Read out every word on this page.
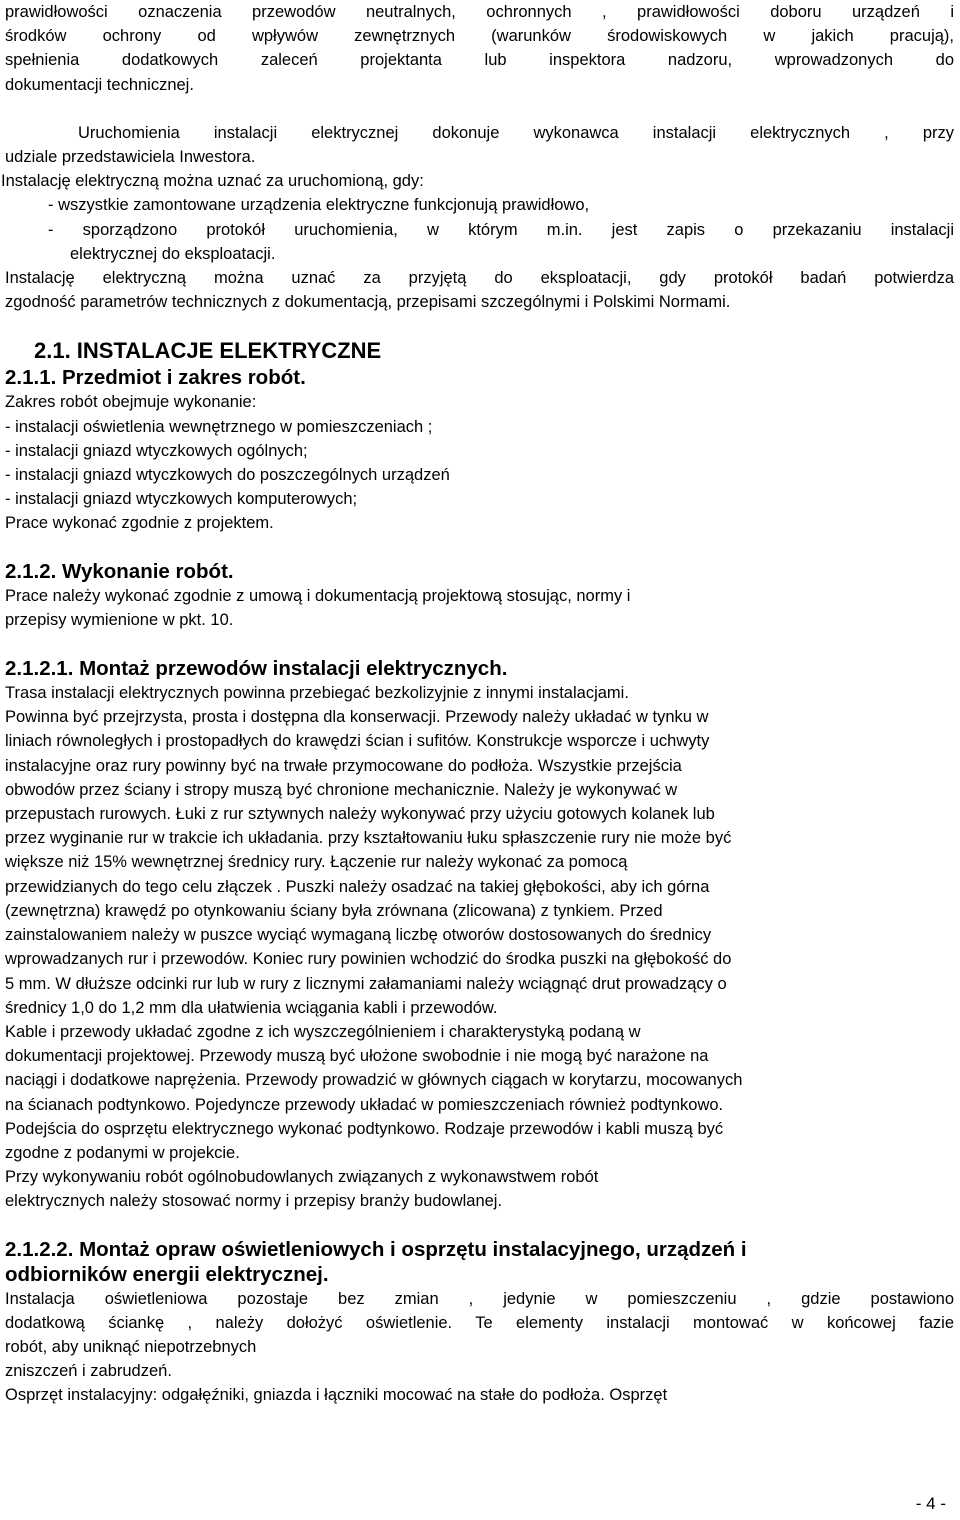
prawidłowości oznaczenia przewodów neutralnych, ochronnych , prawidłowości doboru urządzeń i

środków ochrony od wpływów zewnętrznych (warunków środowiskowych w jakich pracują),

spełnienia dodatkowych zaleceń projektanta lub inspektora nadzoru, wprowadzonych do

dokumentacji technicznej.

Uruchomienia instalacji elektrycznej dokonuje wykonawca instalacji elektrycznych , przy

udziale przedstawiciela Inwestora.

Instalację elektryczną można uznać za uruchomioną, gdy:

- wszystkie zamontowane urządzenia elektryczne funkcjonują prawidłowo,

- sporządzono protokół uruchomienia, w którym m.in. jest zapis o przekazaniu instalacji

elektrycznej do eksploatacji.

Instalację elektryczną można uznać za przyjętą do eksploatacji, gdy protokół badań potwierdza

zgodność parametrów technicznych z dokumentacją, przepisami szczególnymi i Polskimi Normami.

2.1. INSTALACJE ELEKTRYCZNE
2.1.1. Przedmiot i zakres robót.

Zakres robót obejmuje wykonanie:

- instalacji oświetlenia wewnętrznego w pomieszczeniach ;

- instalacji gniazd wtyczkowych ogólnych;

- instalacji gniazd wtyczkowych do poszczególnych urządzeń

- instalacji gniazd wtyczkowych komputerowych;

Prace wykonać zgodnie z projektem.

2.1.2. Wykonanie robót.

Prace należy wykonać zgodnie z umową i dokumentacją projektową stosując, normy i

przepisy wymienione w pkt. 10.

2.1.2.1. Montaż przewodów instalacji elektrycznych.

Trasa instalacji elektrycznych powinna przebiegać bezkolizyjnie z innymi instalacjami.

Powinna być przejrzysta, prosta i dostępna dla konserwacji. Przewody należy układać w tynku w

liniach równoległych i prostopadłych do krawędzi ścian i sufitów. Konstrukcje wsporcze i uchwyty

instalacyjne oraz rury powinny być na trwałe przymocowane do podłoża. Wszystkie przejścia

obwodów przez ściany i stropy muszą być chronione mechanicznie. Należy je wykonywać w

przepustach rurowych. Łuki z rur sztywnych należy wykonywać przy użyciu gotowych kolanek lub

przez wyginanie rur w trakcie ich układania. przy kształtowaniu łuku spłaszczenie rury nie może być

większe niż 15% wewnętrznej średnicy rury. Łączenie rur należy wykonać za pomocą

przewidzianych do tego celu złączek . Puszki należy osadzać na takiej głębokości, aby ich górna

(zewnętrzna) krawędź po otynkowaniu ściany była zrównana (zlicowana) z tynkiem. Przed

zainstalowaniem należy w puszce wyciąć wymaganą liczbę otworów dostosowanych do średnicy

wprowadzanych rur i przewodów. Koniec rury powinien wchodzić do środka puszki na głębokość do

5 mm. W dłuższe odcinki rur lub w rury z licznymi załamaniami należy wciągnąć drut prowadzący o

średnicy 1,0 do 1,2 mm dla ułatwienia wciągania kabli i przewodów.

Kable i przewody układać zgodne z ich wyszczególnieniem i charakterystyką podaną w

dokumentacji projektowej. Przewody muszą być ułożone swobodnie i nie mogą być narażone na

naciągi i dodatkowe naprężenia. Przewody prowadzić w głównych ciągach w korytarzu, mocowanych

na ścianach podtynkowo. Pojedyncze przewody układać w pomieszczeniach również podtynkowo.

Podejścia do osprzętu elektrycznego wykonać podtynkowo. Rodzaje przewodów i kabli muszą być

zgodne z podanymi w projekcie.

Przy wykonywaniu robót ogólnobudowlanych związanych z wykonawstwem robót

elektrycznych należy stosować normy i przepisy branży budowlanej.

2.1.2.2. Montaż opraw oświetleniowych i osprzętu instalacyjnego, urządzeń i
odbiorników energii elektrycznej.

Instalacja oświetleniowa pozostaje bez zmian , jedynie w pomieszczeniu , gdzie postawiono

dodatkową ściankę , należy dołożyć oświetlenie. Te elementy instalacji montować w końcowej fazie

robót, aby uniknąć niepotrzebnych

zniszczeń i zabrudzeń.

Osprzęt instalacyjny: odgałęźniki, gniazda i łączniki mocować na stałe do podłoża. Osprzęt

- 4 -
